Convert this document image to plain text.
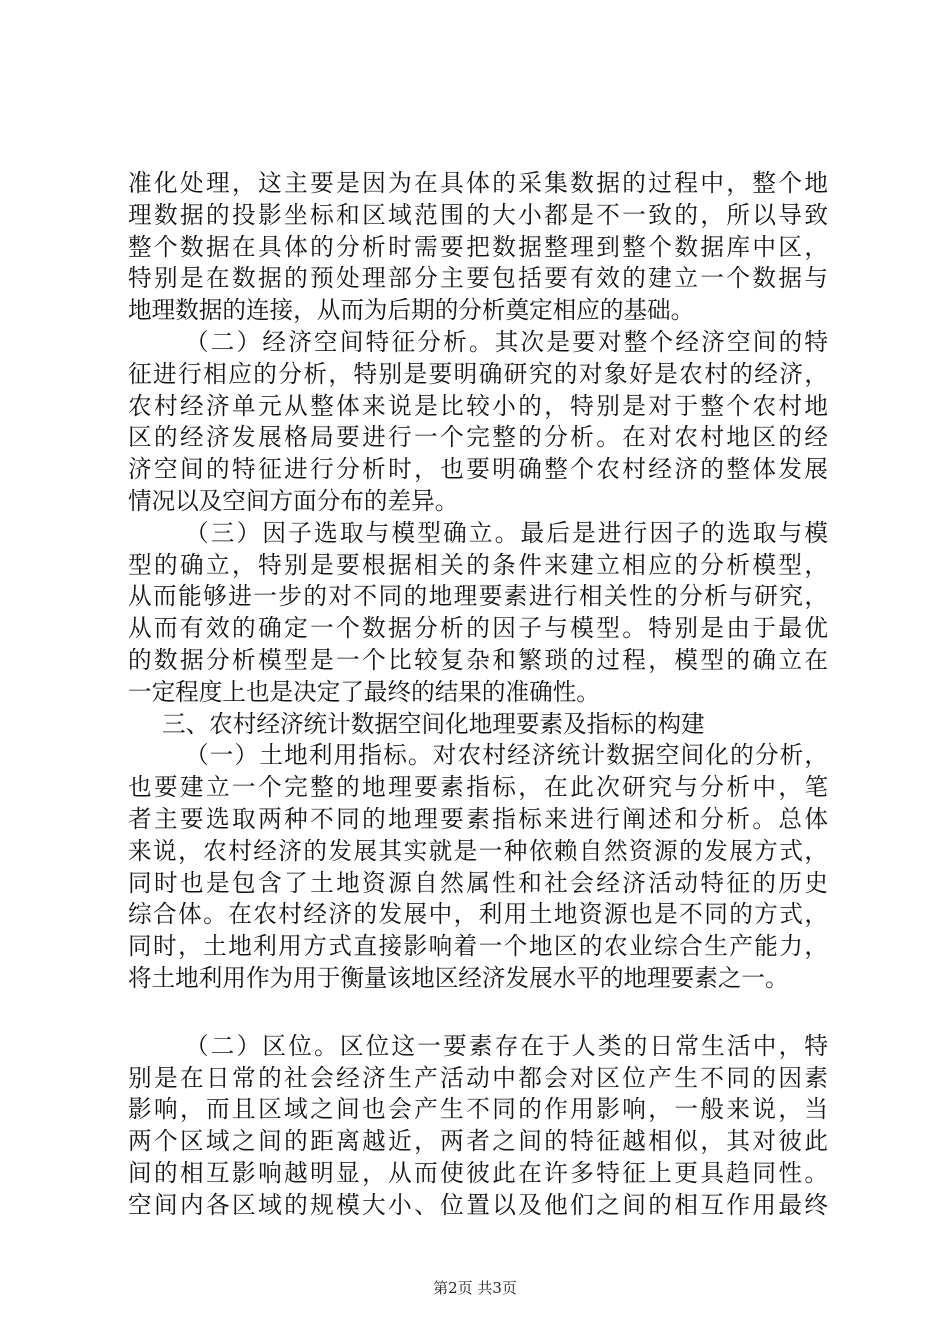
准化处理，这主要是因为在具体的采集数据的过程中，整个地
理数据的投影坐标和区域范围的大小都是不一致的，所以导致
整个数据在具体的分析时需要把数据整理到整个数据库中区，
特别是在数据的预处理部分主要包括要有效的建立一个数据与
地理数据的连接，从而为后期的分析奠定相应的基础。
（二）经济空间特征分析。其次是要对整个经济空间的特
征进行相应的分析，特别是要明确研究的对象好是农村的经济，
农村经济单元从整体来说是比较小的，特别是对于整个农村地
区的经济发展格局要进行一个完整的分析。在对农村地区的经
济空间的特征进行分析时，也要明确整个农村经济的整体发展
情况以及空间方面分布的差异。
（三）因子选取与模型确立。最后是进行因子的选取与模
型的确立，特别是要根据相关的条件来建立相应的分析模型，
从而能够进一步的对不同的地理要素进行相关性的分析与研究，
从而有效的确定一个数据分析的因子与模型。特别是由于最优
的数据分析模型是一个比较复杂和繁琐的过程，模型的确立在
一定程度上也是决定了最终的结果的准确性。
三、农村经济统计数据空间化地理要素及指标的构建
（一）土地利用指标。对农村经济统计数据空间化的分析，
也要建立一个完整的地理要素指标，在此次研究与分析中，笔
者主要选取两种不同的地理要素指标来进行阐述和分析。总体
来说，农村经济的发展其实就是一种依赖自然资源的发展方式，
同时也是包含了土地资源自然属性和社会经济活动特征的历史
综合体。在农村经济的发展中，利用土地资源也是不同的方式，
同时，土地利用方式直接影响着一个地区的农业综合生产能力，
将土地利用作为用于衡量该地区经济发展水平的地理要素之一。
（二）区位。区位这一要素存在于人类的日常生活中，特
别是在日常的社会经济生产活动中都会对区位产生不同的因素
影响，而且区域之间也会产生不同的作用影响，一般来说，当
两个区域之间的距离越近，两者之间的特征越相似，其对彼此
间的相互影响越明显，从而使彼此在许多特征上更具趋同性。
空间内各区域的规模大小、位置以及他们之间的相互作用最终
第2页 共3页
